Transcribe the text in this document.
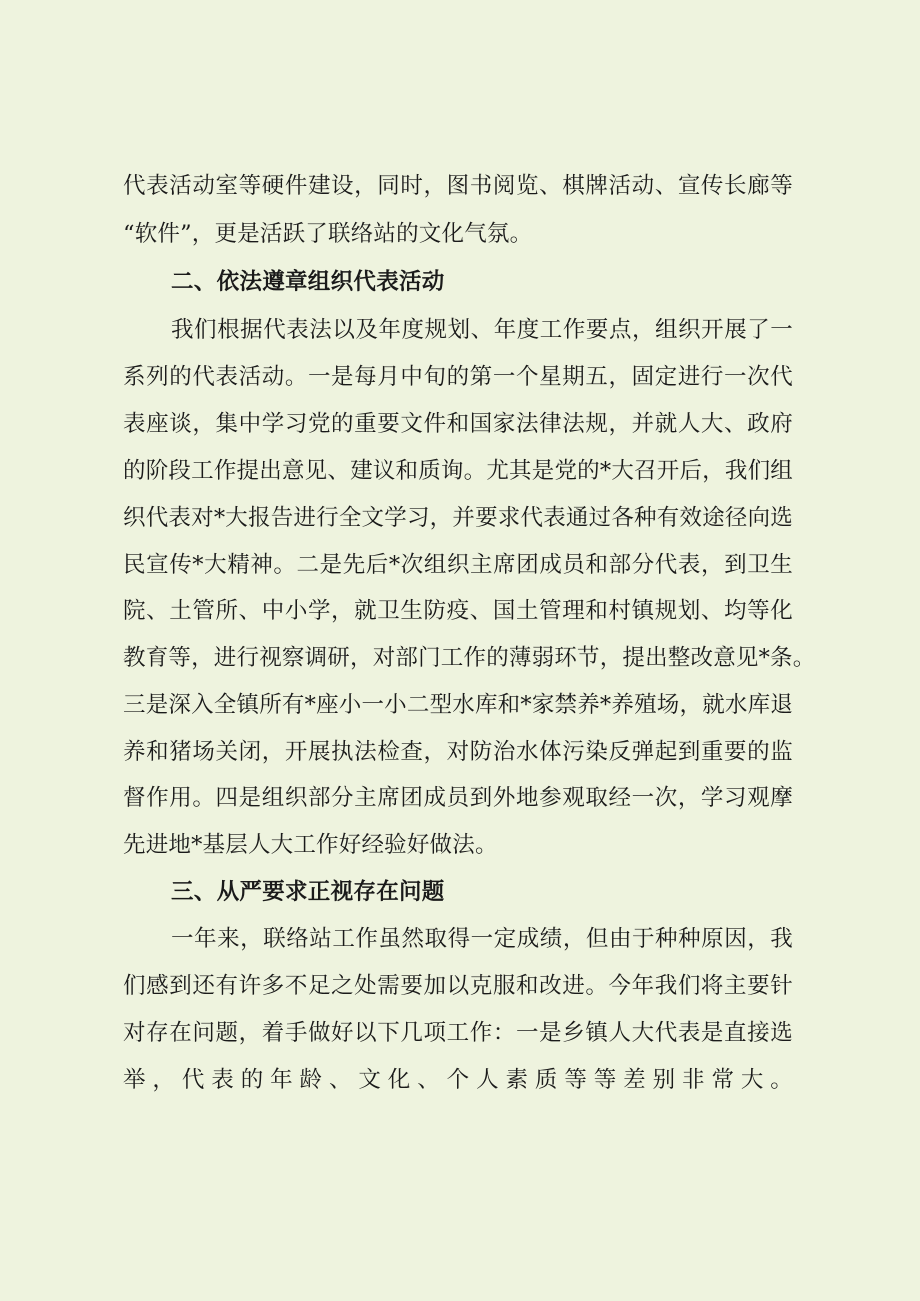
代表活动室等硬件建设，同时，图书阅览、棋牌活动、宣传长廊等
“软件”，更是活跃了联络站的文化气氛。
二、依法遵章组织代表活动
我们根据代表法以及年度规划、年度工作要点，组织开展了一
系列的代表活动。一是每月中旬的第一个星期五，固定进行一次代
表座谈，集中学习党的重要文件和国家法律法规，并就人大、政府
的阶段工作提出意见、建议和质询。尤其是党的*大召开后，我们组
织代表对*大报告进行全文学习，并要求代表通过各种有效途径向选
民宣传*大精神。二是先后*次组织主席团成员和部分代表，到卫生
院、土管所、中小学，就卫生防疫、国土管理和村镇规划、均等化
教育等，进行视察调研，对部门工作的薄弱环节，提出整改意见*条。
三是深入全镇所有*座小一小二型水库和*家禁养*养殖场，就水库退
养和猪场关闭，开展执法检查，对防治水体污染反弹起到重要的监
督作用。四是组织部分主席团成员到外地参观取经一次，学习观摩
先进地*基层人大工作好经验好做法。
三、从严要求正视存在问题
一年来，联络站工作虽然取得一定成绩，但由于种种原因，我
们感到还有许多不足之处需要加以克服和改进。今年我们将主要针
对存在问题，着手做好以下几项工作：一是乡镇人大代表是直接选
举，代表的年龄、文化、个人素质等等差别非常大。
